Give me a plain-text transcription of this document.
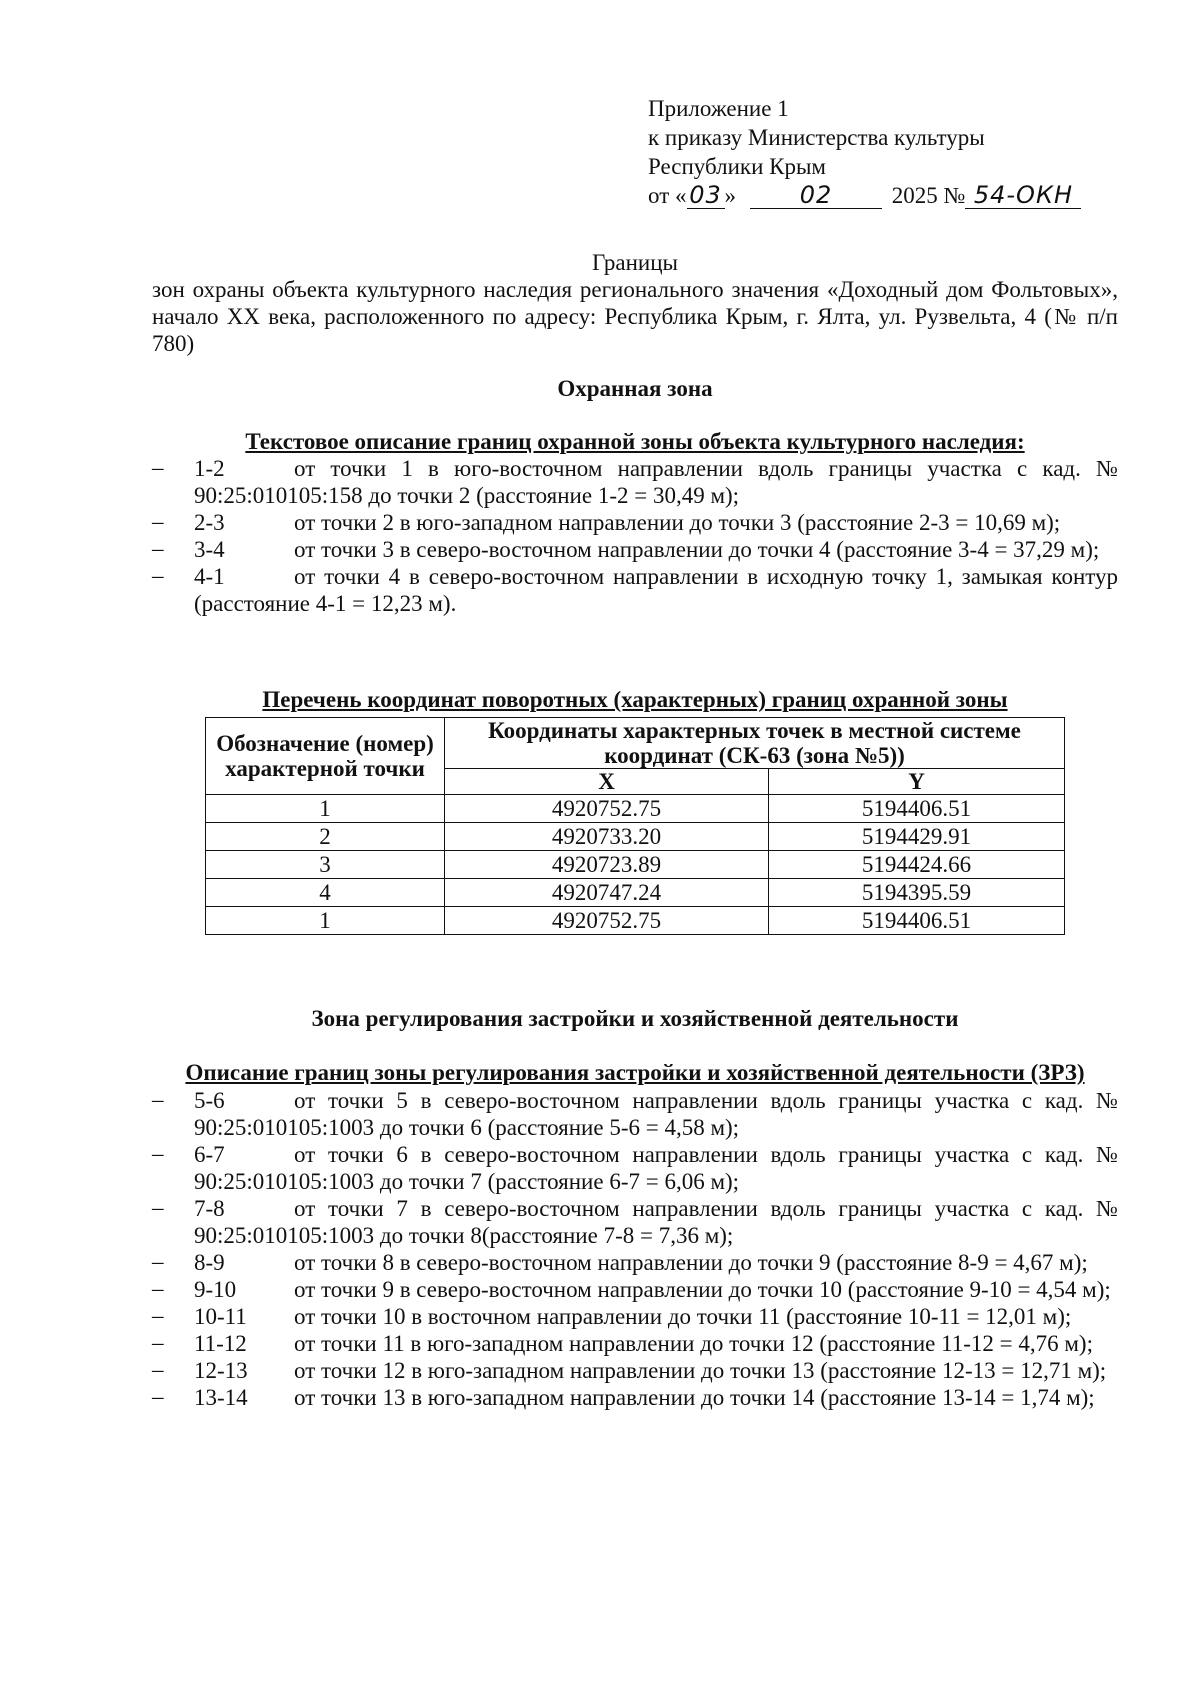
Приложение 1
к приказу Министерства культуры
Республики Крым
от « 03 »	02	2025 № 54-ОКН
Границы
зон охраны объекта культурного наследия регионального значения «Доходный дом Фольтовых», начало XX века, расположенного по адресу: Республика Крым, г. Ялта, ул. Рузвельта, 4 (№ п/п 780)
Охранная зона
Текстовое описание границ охранной зоны объекта культурного наследия:
–	1-2	от точки 1 в юго-восточном направлении вдоль границы участка с кад. № 90:25:010105:158 до точки 2 (расстояние 1-2 = 30,49 м);
–	2-3	от точки 2 в юго-западном направлении до точки 3 (расстояние 2-3 = 10,69 м);
–	3-4	от точки 3 в северо-восточном направлении до точки 4 (расстояние 3-4 = 37,29 м);
–	4-1	от точки 4 в северо-восточном направлении в исходную точку 1, замыкая контур (расстояние 4-1 = 12,23 м).
Перечень координат поворотных (характерных) границ охранной зоны
Обозначение (номер) характерной точки	Координаты характерных точек в местной системе координат (СК-63 (зона №5))	
	X	Y
1	4920752.75	5194406.51
2	4920733.20	5194429.91
3	4920723.89	5194424.66
4	4920747.24	5194395.59
1	4920752.75	5194406.51
Зона регулирования застройки и хозяйственной деятельности
Описание границ зоны регулирования застройки и хозяйственной деятельности (ЗРЗ)
–	5-6	от точки 5 в северо-восточном направлении вдоль границы участка с кад. № 90:25:010105:1003 до точки 6 (расстояние 5-6 = 4,58 м);
–	6-7	от точки 6 в северо-восточном направлении вдоль границы участка с кад. № 90:25:010105:1003 до точки 7 (расстояние 6-7 = 6,06 м);
–	7-8	от точки 7 в северо-восточном направлении вдоль границы участка с кад. № 90:25:010105:1003 до точки 8(расстояние 7-8 = 7,36 м);
–	8-9	от точки 8 в северо-восточном направлении до точки 9 (расстояние 8-9 = 4,67 м);
–	9-10	от точки 9 в северо-восточном направлении до точки 10 (расстояние 9-10 = 4,54 м);
–	10-11 от точки 10 в восточном направлении до точки 11 (расстояние 10-11 = 12,01 м);
–	11-12 от точки 11 в юго-западном направлении до точки 12 (расстояние 11-12 = 4,76 м);
–	12-13 от точки 12 в юго-западном направлении до точки 13 (расстояние 12-13 = 12,71 м);
–	13-14 от точки 13 в юго-западном направлении до точки 14 (расстояние 13-14 = 1,74 м);
